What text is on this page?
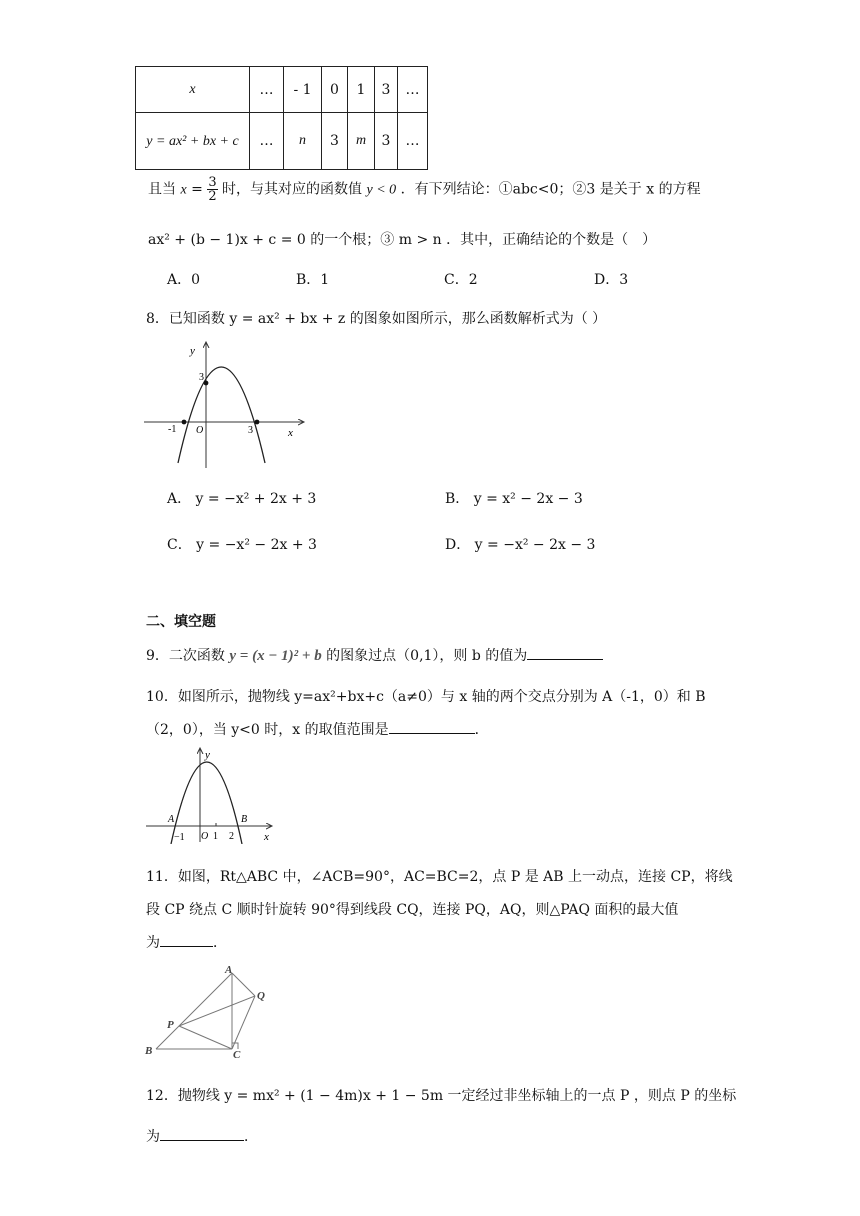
x	…	- 1	0	1	3	…
y = ax² + bx + c	…	n	3	m	3	…
且当 $x = \frac{3}{2}$ 时，与其对应的函数值 y < 0 ．有下列结论：①abc<0；②3 是关于 x 的方程
ax² + (b − 1)x + c = 0 的一个根；③ m > n ．其中，正确结论的个数是（　）
A．0	B．1	C．2	D．3
8．已知函数 y = ax² + bx + z 的图象如图所示，那么函数解析式为（ ）
y
x
O
-1	3
3
A． y = −x² + 2x + 3	B． y = x² − 2x − 3
C． y = −x² − 2x + 3	D． y = −x² − 2x − 3
二、填空题
9．二次函数 y = (x − 1)² + b 的图象过点（0,1），则 b 的值为
10．如图所示，抛物线 y=ax²+bx+c（a≠0）与 x 轴的两个交点分别为 A（-1，0）和 B
（2，0），当 y<0 时，x 的取值范围是	．
y
x
A	B
O
−1	1 2
11．如图，Rt△ABC 中，∠ACB=90°，AC=BC=2，点 P 是 AB 上一动点，连接 CP，将线
段 CP 绕点 C 顺时针旋转 90°得到线段 CQ，连接 PQ，AQ，则△PAQ 面积的最大值
为	．
A
B	C
P
Q
12．抛物线 y = mx² + (1 − 4m)x + 1 − 5m 一定经过非坐标轴上的一点 P ，则点 P 的坐标
为	．
